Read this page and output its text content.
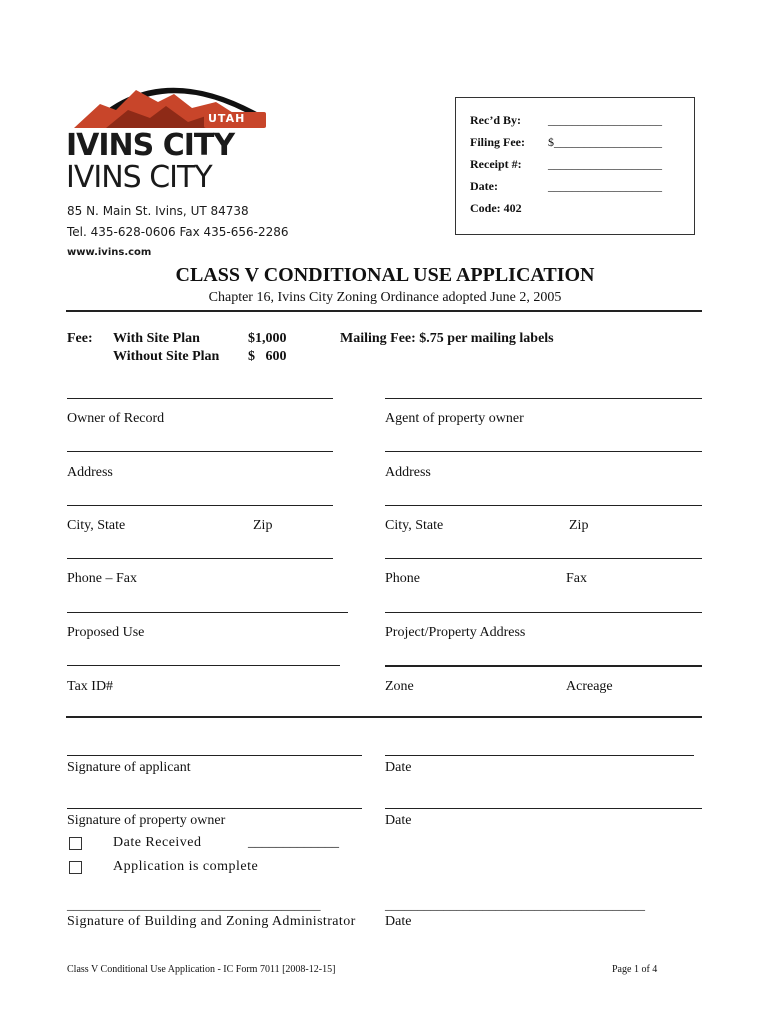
UTAH
IVINS CITY
IVINS CITY
85 N. Main St. Ivins, UT 84738
Tel. 435-628-0606 Fax 435-656-2286
www.ivins.com
Rec’d By: ___________________
Filing Fee: $__________________
Receipt #: ___________________
Date:	___________________
Code: 402
CLASS V CONDITIONAL USE APPLICATION
Chapter 16, Ivins City Zoning Ordinance adopted June 2, 2005
Fee: With Site Plan	$1,000
Without Site Plan $   600
Mailing Fee: $.75 per mailing labels
Owner of Record	Agent of property owner
Address	Address
City, State	Zip	City, State	Zip
Phone – Fax	Phone	Fax
Proposed Use	Project/Property Address
Tax ID#	Zone	Acreage
Signature of applicant	Date
Signature of property owner	Date
Date Received	_____________
Application is complete
_______________________________________	________________________________________
Signature of Building and Zoning Administrator Date
Class V Conditional Use Application - IC Form 7011 [2008-12-15]	Page 1 of 4
